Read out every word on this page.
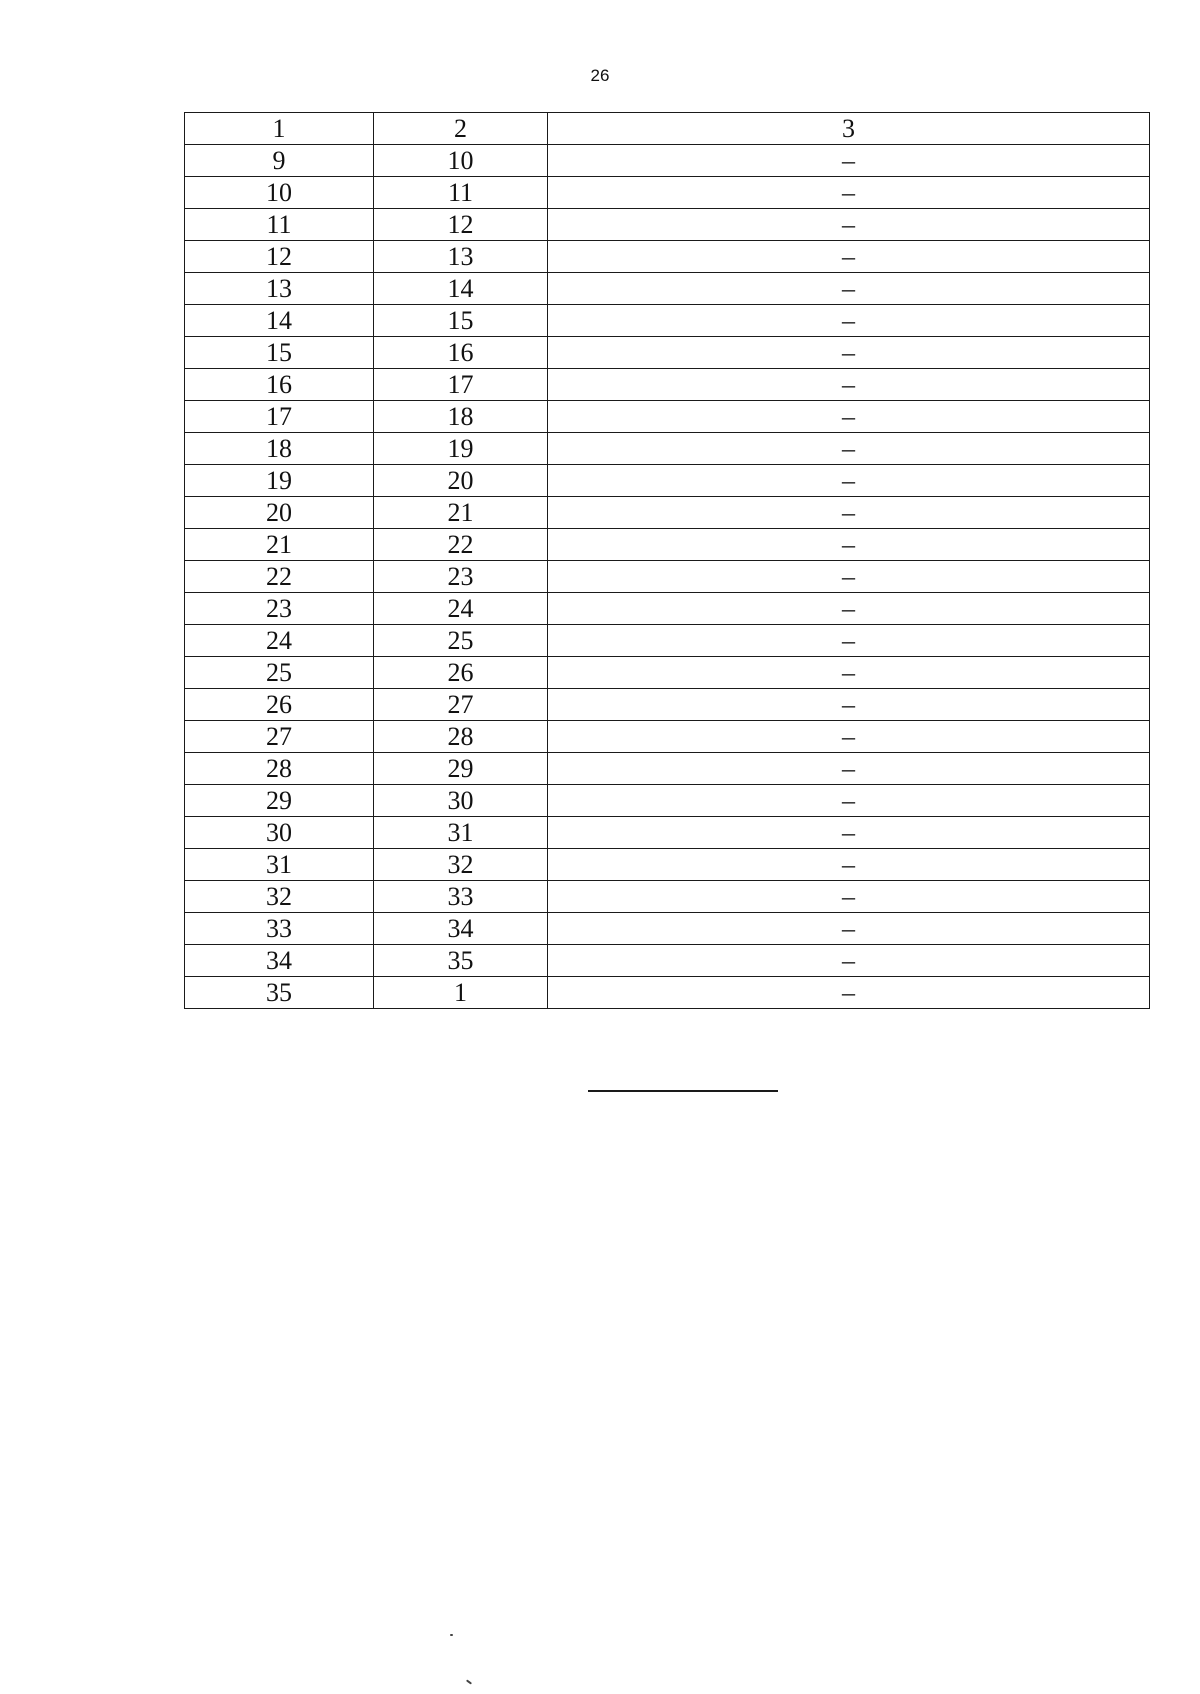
26
1	2	3
9	10	–
10	11	–
11	12	–
12	13	–
13	14	–
14	15	–
15	16	–
16	17	–
17	18	–
18	19	–
19	20	–
20	21	–
21	22	–
22	23	–
23	24	–
24	25	–
25	26	–
26	27	–
27	28	–
28	29	–
29	30	–
30	31	–
31	32	–
32	33	–
33	34	–
34	35	–
35	1	–
